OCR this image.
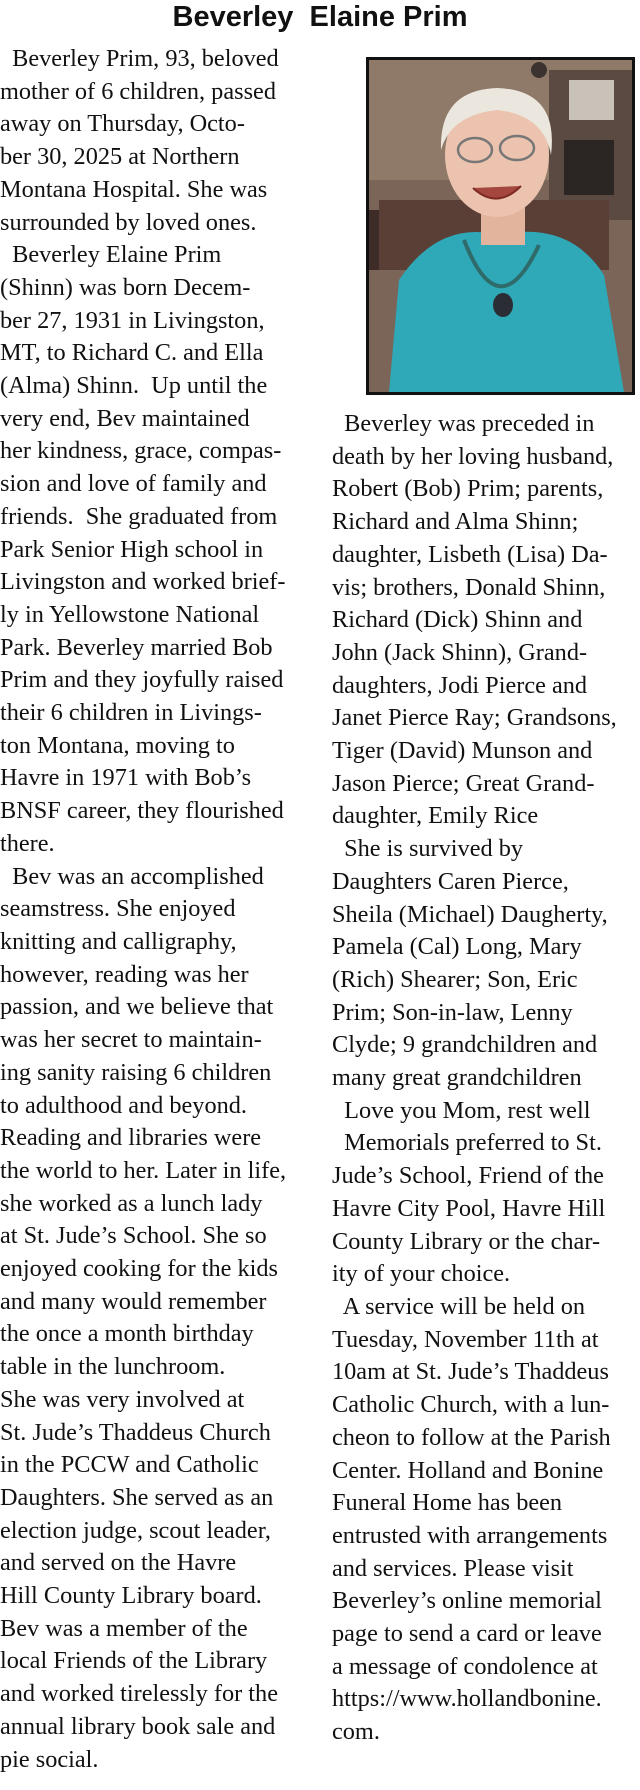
Beverley  Elaine Prim

Beverley Prim, 93, beloved

mother of 6 children, passed

away on Thursday, Octo-

ber 30, 2025 at Northern

Montana Hospital. She was

surrounded by loved ones.

Beverley Elaine Prim

(Shinn) was born Decem-

ber 27, 1931 in Livingston,

MT, to Richard C. and Ella

(Alma) Shinn.  Up until the

very end, Bev maintained

her kindness, grace, compas-

sion and love of family and

friends.  She graduated from

Park Senior High school in

Livingston and worked brief-

ly in Yellowstone National

Park. Beverley married Bob

Prim and they joyfully raised

their 6 children in Livings-

ton Montana, moving to

Havre in 1971 with Bob’s

BNSF career, they flourished

there.

Bev was an accomplished

seamstress. She enjoyed

knitting and calligraphy,

however, reading was her

passion, and we believe that

was her secret to maintain-

ing sanity raising 6 children

to adulthood and beyond.

Reading and libraries were

the world to her. Later in life,

she worked as a lunch lady

at St. Jude’s School. She so

enjoyed cooking for the kids

and many would remember

the once a month birthday

table in the lunchroom.

She was very involved at

St. Jude’s Thaddeus Church

in the PCCW and Catholic

Daughters. She served as an

election judge, scout leader,

and served on the Havre

Hill County Library board.

Bev was a member of the

local Friends of the Library

and worked tirelessly for the

annual library book sale and

pie social.

Beverley was preceded in

death by her loving husband,

Robert (Bob) Prim; parents,

Richard and Alma Shinn;

daughter, Lisbeth (Lisa) Da-

vis; brothers, Donald Shinn,

Richard (Dick) Shinn and

John (Jack Shinn), Grand-

daughters, Jodi Pierce and

Janet Pierce Ray; Grandsons,

Tiger (David) Munson and

Jason Pierce; Great Grand-

daughter, Emily Rice

She is survived by

Daughters Caren Pierce,

Sheila (Michael) Daugherty,

Pamela (Cal) Long, Mary

(Rich) Shearer; Son, Eric

Prim; Son-in-law, Lenny

Clyde; 9 grandchildren and

many great grandchildren

Love you Mom, rest well

Memorials preferred to St.

Jude’s School, Friend of the

Havre City Pool, Havre Hill

County Library or the char-

ity of your choice.

A service will be held on

Tuesday, November 11th at

10am at St. Jude’s Thaddeus

Catholic Church, with a lun-

cheon to follow at the Parish

Center. Holland and Bonine

Funeral Home has been

entrusted with arrangements

and services. Please visit

Beverley’s online memorial

page to send a card or leave

a message of condolence at

https://www.hollandbonine.

com.
